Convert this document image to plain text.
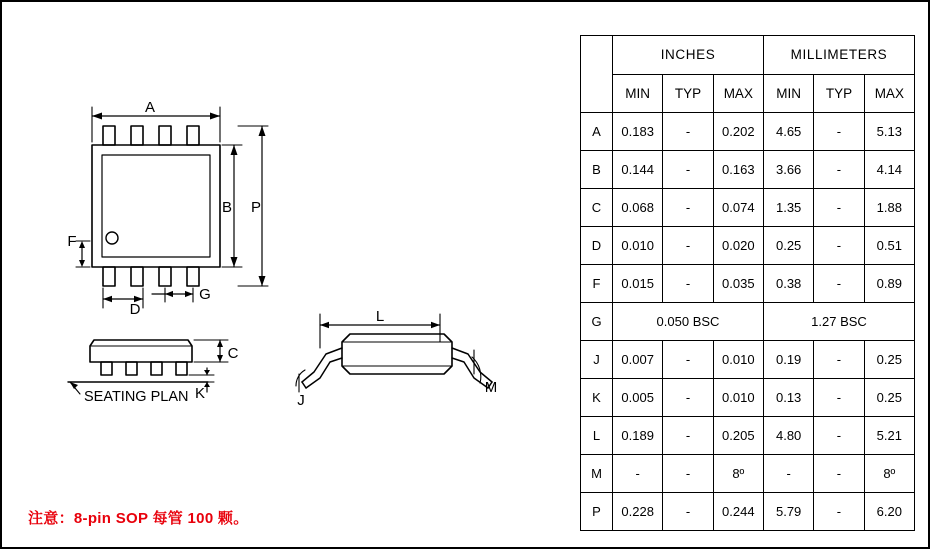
A
B P
F
D
G
C
K	J
L
M
SEATING PLAN
注意：8-pin SOP 每管 100 颗。
	INCHES			MILLIMETERS		
	MIN	TYP	MAX	MIN	TYP	MAX
A	0.183	-	0.202	4.65	-	5.13
B	0.144	-	0.163	3.66	-	4.14
C	0.068	-	0.074	1.35	-	1.88
D	0.010	-	0.020	0.25	-	0.51
F	0.015	-	0.035	0.38	-	0.89
G	0.050 BSC			1.27 BSC		
J	0.007	-	0.010	0.19	-	0.25
K	0.005	-	0.010	0.13	-	0.25
L	0.189	-	0.205	4.80	-	5.21
M	-	-	8º	-	-	8º
P	0.228	-	0.244	5.79	-	6.20
